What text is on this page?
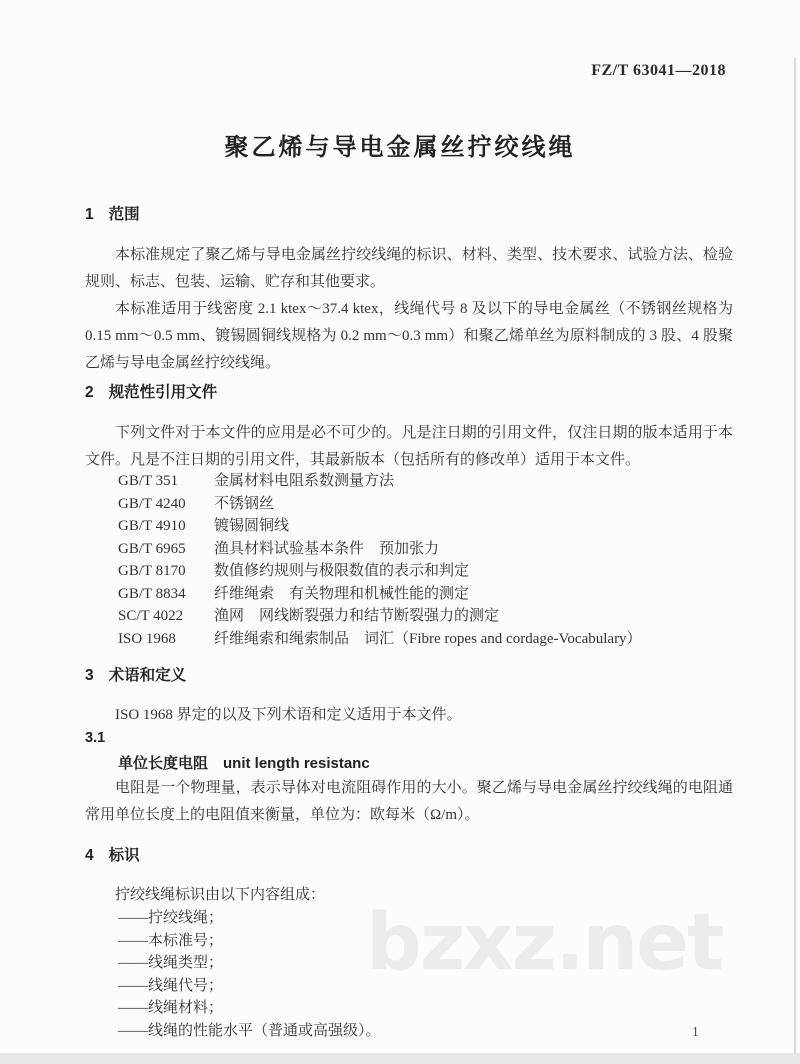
bzxz.net
FZ/T 63041—2018
聚乙烯与导电金属丝拧绞线绳
1 范围
本标准规定了聚乙烯与导电金属丝拧绞线绳的标识、材料、类型、技术要求、试验方法、检验规则、标志、包装、运输、贮存和其他要求。
本标准适用于线密度 2.1 ktex～37.4 ktex，线绳代号 8 及以下的导电金属丝（不锈钢丝规格为 0.15 mm～0.5 mm、镀锡圆铜线规格为 0.2 mm～0.3 mm）和聚乙烯单丝为原料制成的 3 股、4 股聚乙烯与导电金属丝拧绞线绳。
2 规范性引用文件
下列文件对于本文件的应用是必不可少的。凡是注日期的引用文件，仅注日期的版本适用于本文件。凡是不注日期的引用文件，其最新版本（包括所有的修改单）适用于本文件。
GB/T 351	金属材料电阻系数测量方法
GB/T 4240	不锈钢丝
GB/T 4910	镀锡圆铜线
GB/T 6965	渔具材料试验基本条件　预加张力
GB/T 8170	数值修约规则与极限数值的表示和判定
GB/T 8834	纤维绳索　有关物理和机械性能的测定
SC/T 4022	渔网　网线断裂强力和结节断裂强力的测定
ISO 1968	纤维绳索和绳索制品　词汇（Fibre ropes and cordage-Vocabulary）
3 术语和定义
ISO 1968 界定的以及下列术语和定义适用于本文件。
3.1
单位长度电阻　unit length resistanc
电阻是一个物理量，表示导体对电流阻碍作用的大小。聚乙烯与导电金属丝拧绞线绳的电阻通常用单位长度上的电阻值来衡量，单位为：欧每米（Ω/m）。
4 标识
拧绞线绳标识由以下内容组成：
——拧绞线绳；
——本标准号；
——线绳类型；
——线绳代号；
——线绳材料；
——线绳的性能水平（普通或高强级）。	1
